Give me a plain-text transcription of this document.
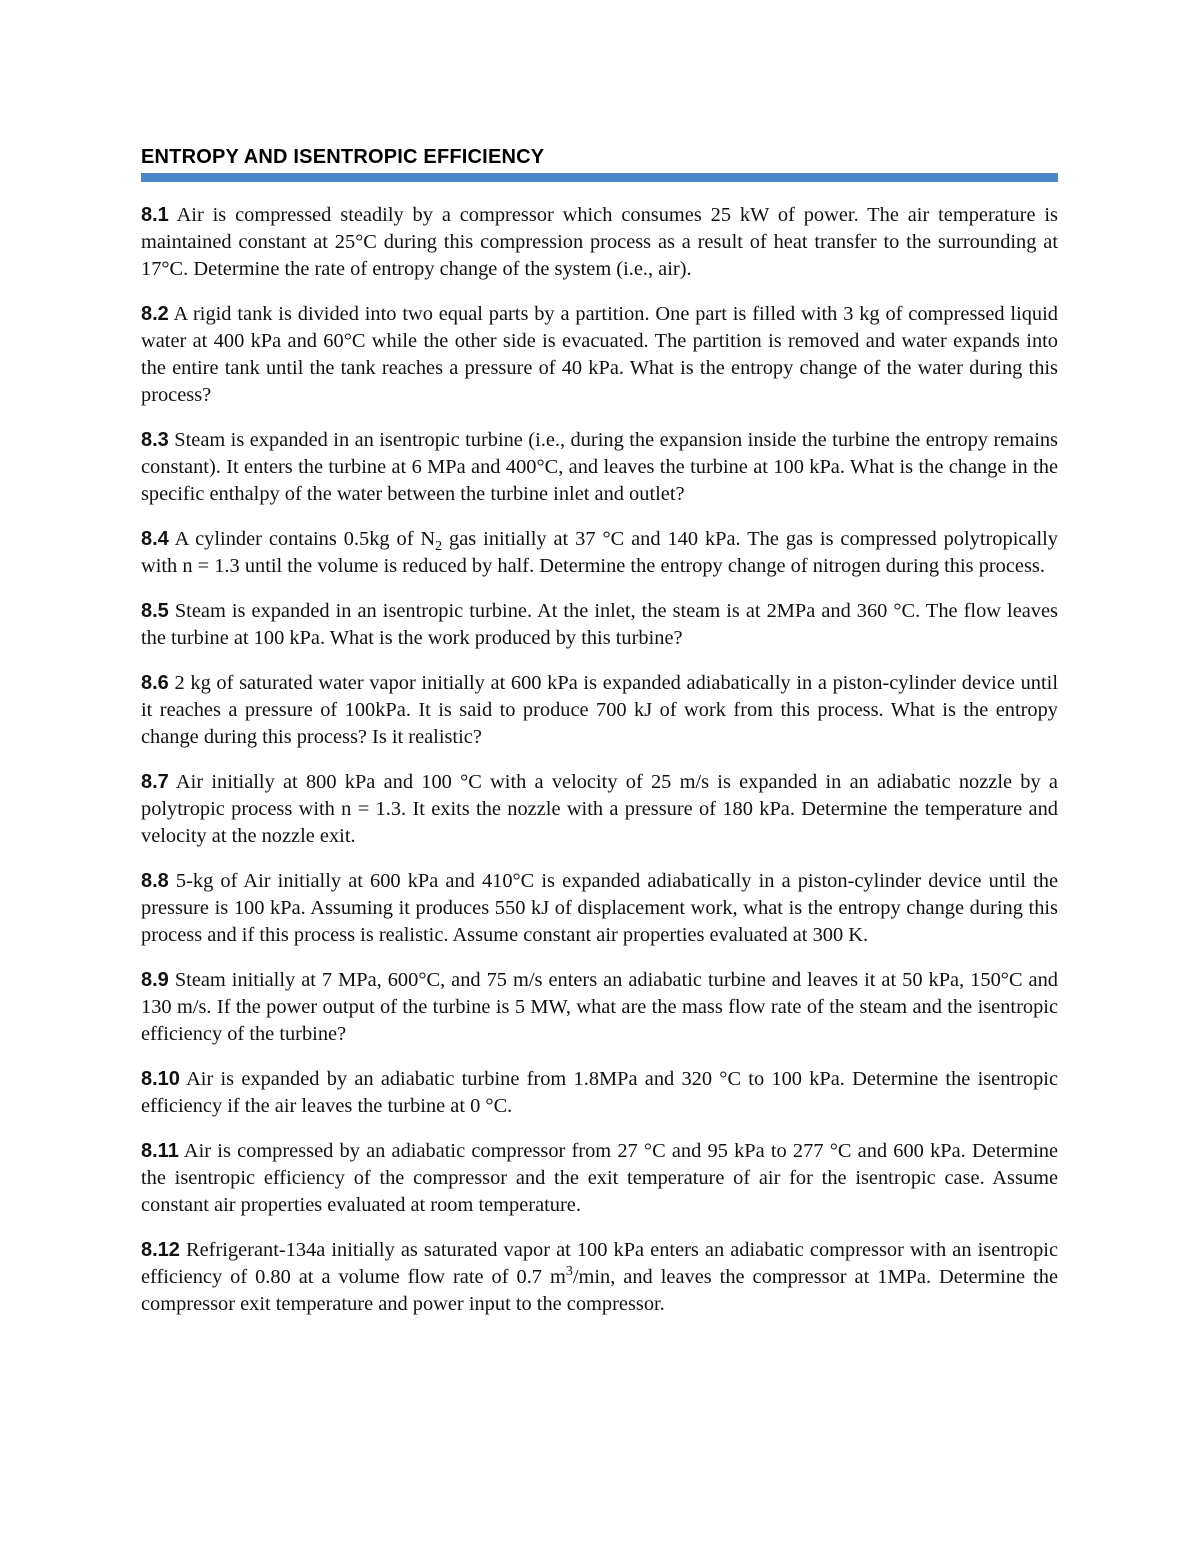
ENTROPY AND ISENTROPIC EFFICIENCY

8.1 Air is compressed steadily by a compressor which consumes 25 kW of power. The air temperature is maintained constant at 25°C during this compression process as a result of heat transfer to the surrounding at 17°C. Determine the rate of entropy change of the system (i.e., air).

8.2 A rigid tank is divided into two equal parts by a partition. One part is filled with 3 kg of compressed liquid water at 400 kPa and 60°C while the other side is evacuated. The partition is removed and water expands into the entire tank until the tank reaches a pressure of 40 kPa. What is the entropy change of the water during this process?

8.3 Steam is expanded in an isentropic turbine (i.e., during the expansion inside the turbine the entropy remains constant). It enters the turbine at 6 MPa and 400°C, and leaves the turbine at 100 kPa. What is the change in the specific enthalpy of the water between the turbine inlet and outlet?

8.4 A cylinder contains 0.5kg of $N_2$ gas initially at 37 °C and 140 kPa. The gas is compressed polytropically with n = 1.3 until the volume is reduced by half. Determine the entropy change of nitrogen during this process.

8.5 Steam is expanded in an isentropic turbine. At the inlet, the steam is at 2MPa and 360 °C. The flow leaves the turbine at 100 kPa. What is the work produced by this turbine?

8.6 2 kg of saturated water vapor initially at 600 kPa is expanded adiabatically in a piston-cylinder device until it reaches a pressure of 100kPa. It is said to produce 700 kJ of work from this process. What is the entropy change during this process? Is it realistic?

8.7 Air initially at 800 kPa and 100 °C with a velocity of 25 m/s is expanded in an adiabatic nozzle by a polytropic process with n = 1.3. It exits the nozzle with a pressure of 180 kPa. Determine the temperature and velocity at the nozzle exit.

8.8 5-kg of Air initially at 600 kPa and 410°C is expanded adiabatically in a piston-cylinder device until the pressure is 100 kPa. Assuming it produces 550 kJ of displacement work, what is the entropy change during this process and if this process is realistic. Assume constant air properties evaluated at 300 K.

8.9 Steam initially at 7 MPa, 600°C, and 75 m/s enters an adiabatic turbine and leaves it at 50 kPa, 150°C and 130 m/s. If the power output of the turbine is 5 MW, what are the mass flow rate of the steam and the isentropic efficiency of the turbine?

8.10 Air is expanded by an adiabatic turbine from 1.8MPa and 320 °C to 100 kPa. Determine the isentropic efficiency if the air leaves the turbine at 0 °C.

8.11 Air is compressed by an adiabatic compressor from 27 °C and 95 kPa to 277 °C and 600 kPa. Determine the isentropic efficiency of the compressor and the exit temperature of air for the isentropic case. Assume constant air properties evaluated at room temperature.

8.12 Refrigerant-134a initially as saturated vapor at 100 kPa enters an adiabatic compressor with an isentropic efficiency of 0.80 at a volume flow rate of 0.7 $m^3/\min$, and leaves the compressor at 1MPa. Determine the compressor exit temperature and power input to the compressor.
